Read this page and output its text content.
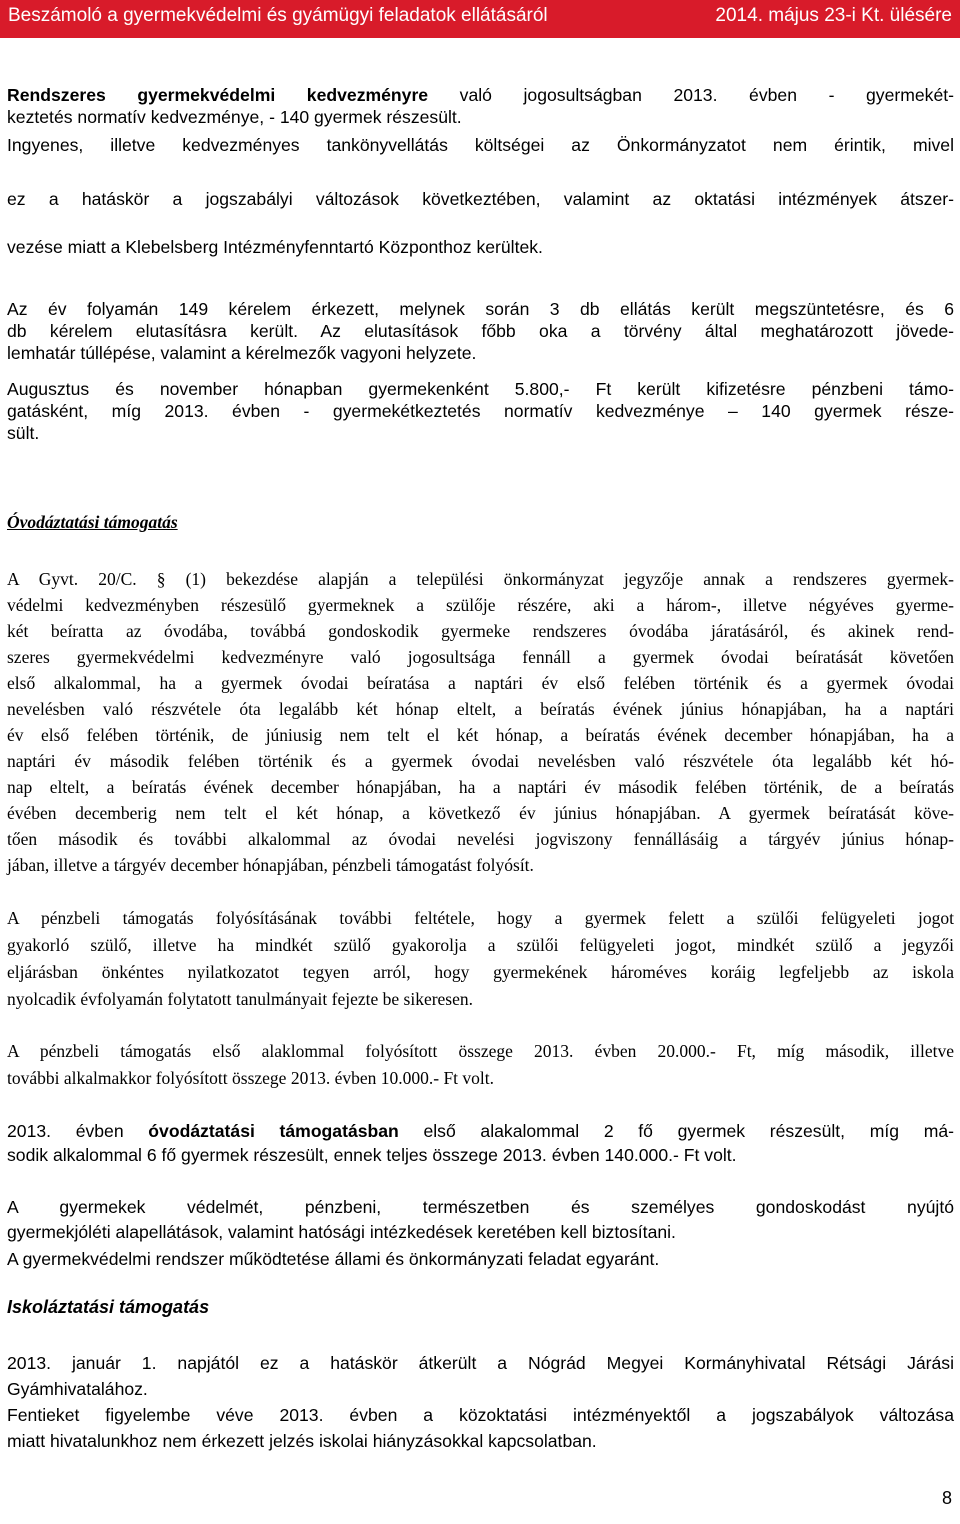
Beszámoló a gyermekvédelmi és gyámügyi feladatok ellátásáról	2014. május 23-i Kt. ülésére

Rendszeres gyermekvédelmi kedvezményre való jogosultságban 2013. évben - gyermekét-

keztetés normatív kedvezménye, - 140 gyermek részesült.

Ingyenes, illetve kedvezményes tankönyvellátás költségei az Önkormányzatot nem érintik, mivel

ez a hatáskör a jogszabályi változások következtében, valamint az oktatási intézmények átszer-

vezése miatt a Klebelsberg Intézményfenntartó Központhoz kerültek.

Az év folyamán 149 kérelem érkezett, melynek során 3 db ellátás került megszüntetésre, és 6

db kérelem elutasításra került. Az elutasítások főbb oka a törvény által meghatározott jövede-

lemhatár túllépése, valamint a kérelmezők vagyoni helyzete.

Augusztus és november hónapban gyermekenként 5.800,- Ft került kifizetésre pénzbeni támo-

gatásként, míg 2013. évben - gyermekétkeztetés normatív kedvezménye – 140 gyermek része-

sült.

Óvodáztatási támogatás

A Gyvt. 20/C. § (1) bekezdése alapján a települési önkormányzat jegyzője annak a rendszeres gyermek-

védelmi kedvezményben részesülő gyermeknek a szülője részére, aki a három-, illetve négyéves gyerme-

két beíratta az óvodába, továbbá gondoskodik gyermeke rendszeres óvodába járatásáról, és akinek rend-

szeres gyermekvédelmi kedvezményre való jogosultsága fennáll a gyermek óvodai beíratását követően

első alkalommal, ha a gyermek óvodai beíratása a naptári év első felében történik és a gyermek óvodai

nevelésben való részvétele óta legalább két hónap eltelt, a beíratás évének június hónapjában, ha a naptári

év első felében történik, de júniusig nem telt el két hónap, a beíratás évének december hónapjában, ha a

naptári év második felében történik és a gyermek óvodai nevelésben való részvétele óta legalább két hó-

nap eltelt, a beíratás évének december hónapjában, ha a naptári év második felében történik, de a beíratás

évében decemberig nem telt el két hónap, a következő év június hónapjában. A gyermek beíratását köve-

tően második és további alkalommal az óvodai nevelési jogviszony fennállásáig a tárgyév június hónap-

jában, illetve a tárgyév december hónapjában, pénzbeli támogatást folyósít.

A pénzbeli támogatás folyósításának további feltétele, hogy a gyermek felett a szülői felügyeleti jogot

gyakorló szülő, illetve ha mindkét szülő gyakorolja a szülői felügyeleti jogot, mindkét szülő a jegyzői

eljárásban önkéntes nyilatkozatot tegyen arról, hogy gyermekének hároméves koráig legfeljebb az iskola

nyolcadik évfolyamán folytatott tanulmányait fejezte be sikeresen.

A pénzbeli támogatás első alaklommal folyósított összege 2013. évben 20.000.- Ft, míg második, illetve

további alkalmakkor folyósított összege 2013. évben 10.000.- Ft volt.

2013. évben óvodáztatási támogatásban első alakalommal 2 fő gyermek részesült, míg má-

sodik alkalommal 6 fő gyermek részesült, ennek teljes összege 2013. évben 140.000.- Ft volt.

A gyermekek védelmét, pénzbeni, természetben és személyes gondoskodást nyújtó

gyermekjóléti alapellátások, valamint hatósági intézkedések keretében kell biztosítani.

A gyermekvédelmi rendszer működtetése állami és önkormányzati feladat egyaránt.

Iskoláztatási támogatás

2013. január 1. napjától ez a hatáskör átkerült a Nógrád Megyei Kormányhivatal Rétsági Járási

Gyámhivatalához.

Fentieket figyelembe véve 2013. évben a közoktatási intézményektől a jogszabályok változása

miatt hivatalunkhoz nem érkezett jelzés iskolai hiányzásokkal kapcsolatban.

8
